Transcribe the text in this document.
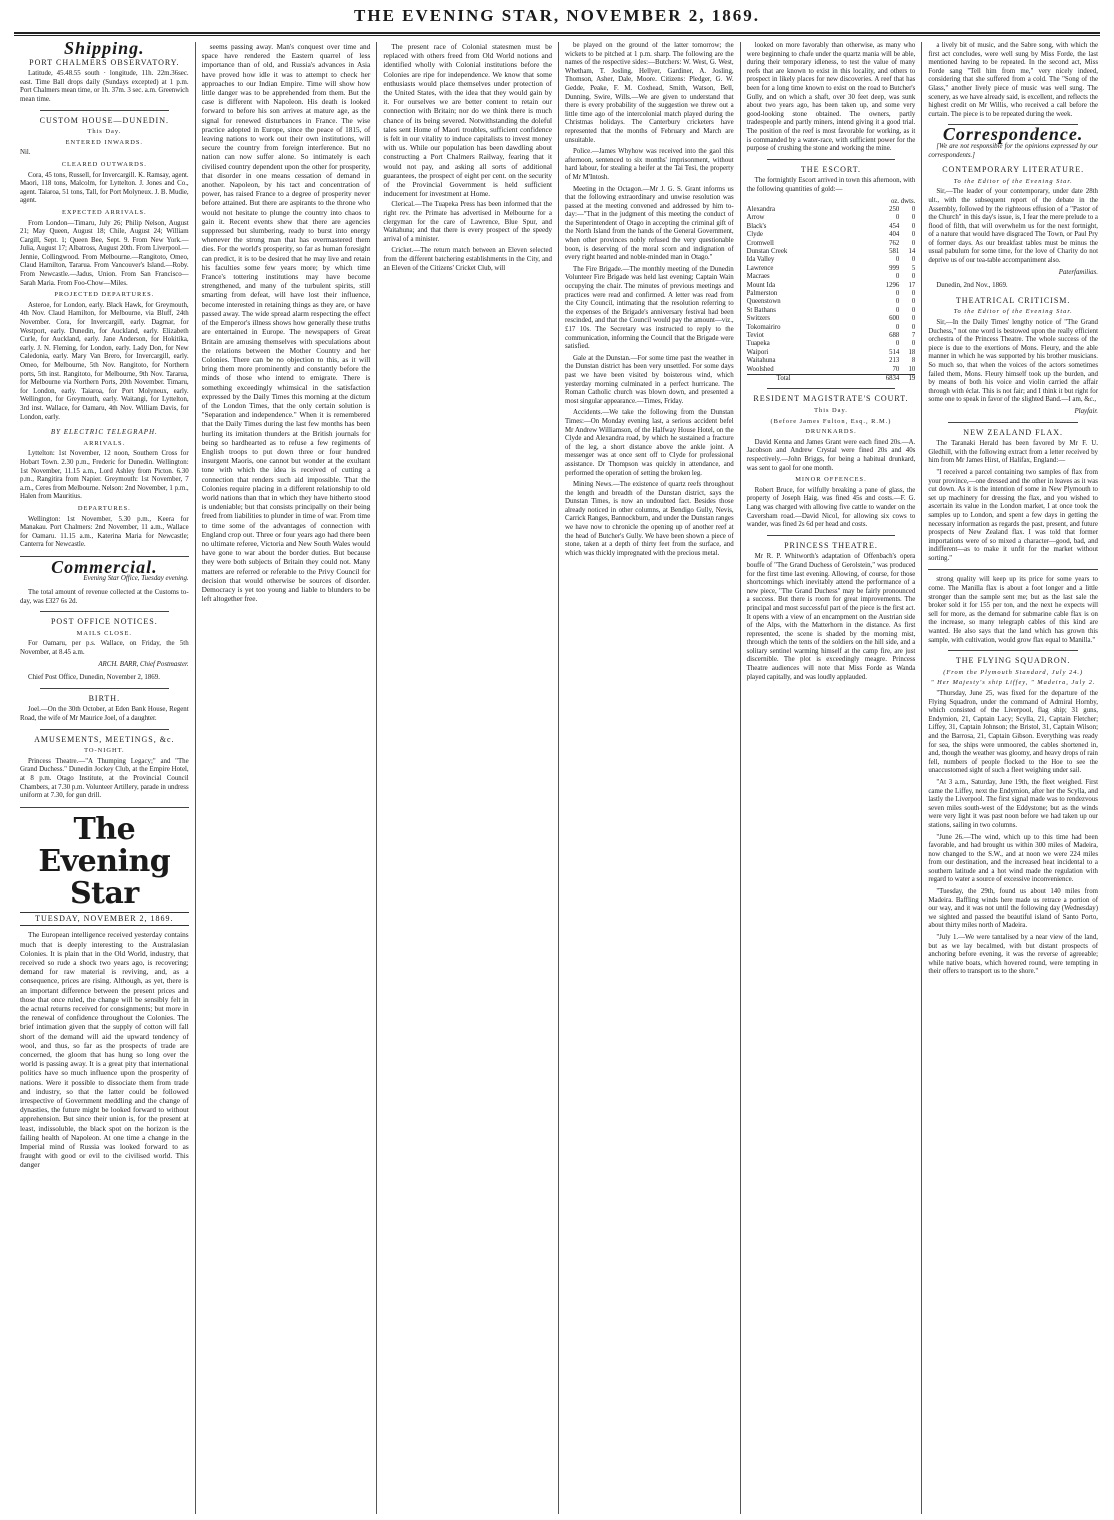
THE EVENING STAR, NOVEMBER 2, 1869.
Shipping.
PORT CHALMERS OBSERVATORY.

Latitude, 45.48.55 south · longitude, 11h. 22m.36sec. east. Time Ball drops daily (Sundays excepted) at 1 p.m. Port Chalmers mean time, or 1h. 37m. 3 sec. a.m. Greenwich mean time.

CUSTOM HOUSE—DUNEDIN.
This Day.
ENTERED INWARDS.

Nil.

CLEARED OUTWARDS.

Cora, 45 tons, Russell, for Invercargill. K. Ramsay, agent. Maori, 118 tons, Malcolm, for Lyttelton. J. Jones and Co., agent. Taiaroa, 51 tons, Tall, for Port Molyneux. J. B. Mudie, agent.

EXPECTED ARRIVALS.

From London—Timaru, July 26; Philip Nelson, August 21; May Queen, August 18; Chile, August 24; William Cargill, Sept. 1; Queen Bee, Sept. 9. From New York.—Julia, August 17; Albatross, August 20th. From Liverpool.—Jennie, Collingwood. From Melbourne.—Rangitoto, Omeo, Claud Hamilton, Tararua. From Vancouver's Island.—Roby. From Newcastle.—Jadus, Union. From San Francisco—Sarah Maria. From Foo-Chow—Miles.

PROJECTED DEPARTURES.

Asteroe, for London, early. Black Hawk, for Greymouth, 4th Nov. Claud Hamilton, for Melbourne, via Bluff, 24th November. Cora, for Invercargill, early. Dagmar, for Westport, early. Dunedin, for Auckland, early. Elizabeth Curle, for Auckland, early. Jane Anderson, for Hokitika, early. J. N. Fleming, for London, early. Lady Don, for New Caledonia, early. Mary Van Brero, for Invercargill, early. Omeo, for Melbourne, 5th Nov. Rangitoto, for Northern ports, 5th inst. Rangitoto, for Melbourne, 9th Nov. Tararua, for Melbourne via Northern Ports, 20th November. Timaru, for London, early. Taiaroa, for Port Molyneux, early. Wellington, for Greymouth, early. Waitangi, for Lyttelton, 3rd inst. Wallace, for Oamaru, 4th Nov. William Davis, for London, early.

BY ELECTRIC TELEGRAPH.
ARRIVALS.

Lyttelton: 1st November, 12 noon, Southern Cross for Hobart Town. 2.30 p.m., Frederic for Dunedin. Wellington: 1st November, 11.15 a.m., Lord Ashley from Picton. 6.30 p.m., Rangitira from Napier. Greymouth: 1st November, 7 a.m., Ceres from Melbourne. Nelson: 2nd November, 1 p.m., Halen from Mauritius.

DEPARTURES.

Wellington: 1st November, 5.30 p.m., Keera for Manakau. Port Chalmers: 2nd November, 11 a.m., Wallace for Oamaru. 11.15 a.m., Katerina Maria for Newcastle; Canterra for Newcastle.

Commercial.
Evening Star Office, Tuesday evening.

The total amount of revenue collected at the Customs to-day, was £327 6s 2d.

POST OFFICE NOTICES.
MAILS CLOSE.

For Oamaru, per p.s. Wallace, on Friday, the 5th November, at 8.45 a.m.

ARCH. BARR, Chief Postmaster.

Chief Post Office, Dunedin, November 2, 1869.

BIRTH.

Joel.—On the 30th October, at Eden Bank House, Regent Road, the wife of Mr Maurice Joel, of a daughter.

AMUSEMENTS, MEETINGS, &c.
TO-NIGHT.

Princess Theatre.—"A Thumping Legacy;" and "The Grand Duchess." Dunedin Jockey Club, at the Empire Hotel, at 8 p.m. Otago Institute, at the Provincial Council Chambers, at 7.30 p.m. Volunteer Artillery, parade in undress uniform at 7.30, for gun drill.

The Evening Star
TUESDAY, NOVEMBER 2, 1869.

The European intelligence received yesterday contains much that is deeply interesting to the Australasian Colonies. It is plain that in the Old World, industry, that received so rude a shock two years ago, is recovering; demand for raw material is reviving, and, as a consequence, prices are rising. Although, as yet, there is an important difference between the present prices and those that once ruled, the change will be sensibly felt in the actual returns received for consignments; but more in the renewal of confidence throughout the Colonies. The brief intimation given that the supply of cotton will fall short of the demand will aid the upward tendency of wool, and thus, so far as the prospects of trade are concerned, the gloom that has hung so long over the world is passing away. It is a great pity that international politics have so much influence upon the prosperity of nations. Were it possible to dissociate them from trade and industry, so that the latter could be followed irrespective of Government meddling and the change of dynasties, the future might be looked forward to without apprehension. But since their union is, for the present at least, indissoluble, the black spot on the horizon is the failing health of Napoleon. At one time a change in the Imperial mind of Russia was looked forward to as fraught with good or evil to the civilised world. This danger

seems passing away. Man's conquest over time and space have rendered the Eastern quarrel of less importance than of old, and Russia's advances in Asia have proved how idle it was to attempt to check her approaches to our Indian Empire. Time will show how little danger was to be apprehended from them. But the case is different with Napoleon. His death is looked forward to before his son arrives at mature age, as the signal for renewed disturbances in France. The wise practice adopted in Europe, since the peace of 1815, of leaving nations to work out their own institutions, will secure the country from foreign interference. But no nation can now suffer alone. So intimately is each civilised country dependent upon the other for prosperity, that disorder in one means cessation of demand in another. Napoleon, by his tact and concentration of power, has raised France to a degree of prosperity never before attained. But there are aspirants to the throne who would not hesitate to plunge the country into chaos to gain it. Recent events shew that there are agencies suppressed but slumbering, ready to burst into energy whenever the strong man that has overmastered them dies. For the world's prosperity, so far as human foresight can predict, it is to be desired that he may live and retain his faculties some few years more; by which time France's tottering institutions may have become strengthened, and many of the turbulent spirits, still smarting from defeat, will have lost their influence, become interested in retaining things as they are, or have passed away. The wide spread alarm respecting the effect of the Emperor's illness shows how generally these truths are entertained in Europe. The newspapers of Great Britain are amusing themselves with speculations about the relations between the Mother Country and her Colonies. There can be no objection to this, as it will bring them more prominently and constantly before the minds of those who intend to emigrate. There is something exceedingly whimsical in the satisfaction expressed by the Daily Times this morning at the dictum of the London Times, that the only certain solution is "Separation and independence." When it is remembered that the Daily Times during the last few months has been hurling its imitation thunders at the British journals for being so hardhearted as to refuse a few regiments of English troops to put down three or four hundred insurgent Maoris, one cannot but wonder at the exultant tone with which the idea is received of cutting a connection that renders such aid impossible. That the Colonies require placing in a different relationship to old world nations than that in which they have hitherto stood is undeniable; but that consists principally on their being freed from liabilities to plunder in time of war. From time to time some of the advantages of connection with England crop out. Three or four years ago had there been no ultimate referee, Victoria and New South Wales would have gone to war about the border duties. But because they were both subjects of Britain they could not. Many matters are referred or referable to the Privy Council for decision that would otherwise be sources of disorder. Democracy is yet too young and liable to blunders to be left altogether free.

The present race of Colonial statesmen must be replaced with others freed from Old World notions and identified wholly with Colonial institutions before the Colonies are ripe for independence. We know that some enthusiasts would place themselves under protection of the United States, with the idea that they would gain by it. For ourselves we are better content to retain our connection with Britain; nor do we think there is much chance of its being severed. Notwithstanding the doleful tales sent Home of Maori troubles, sufficient confidence is felt in our vitality to induce capitalists to invest money with us. While our population has been dawdling about constructing a Port Chalmers Railway, fearing that it would not pay, and asking all sorts of additional guarantees, the prospect of eight per cent. on the security of the Provincial Government is held sufficient inducement for investment at Home.

Clerical.—The Tuapeka Press has been informed that the right rev. the Primate has advertised in Melbourne for a clergyman for the care of Lawrence, Blue Spur, and Waitahuna; and that there is every prospect of the speedy arrival of a minister.

Cricket.—The return match between an Eleven selected from the different batchering establishments in the City, and an Eleven of the Citizens' Cricket Club, will

be played on the ground of the latter tomorrow; the wickets to be pitched at 1 p.m. sharp. The following are the names of the respective sides:—Butchers: W. West, G. West, Whetham, T. Josling, Hellyer, Gardiner, A. Josling, Thomson, Asher, Dale, Moore. Citizens: Pledger, G. W. Gedde, Peake, F. M. Coxhead, Smith, Watson, Bell, Dunning, Swire, Wills.—We are given to understand that there is every probability of the suggestion we threw out a little time ago of the intercolonial match played during the Christmas holidays. The Canterbury cricketers have represented that the months of February and March are unsuitable.

Police.—James Whyhow was received into the gaol this afternoon, sentenced to six months' imprisonment, without hard labour, for stealing a heifer at the Tai Tesi, the property of Mr M'Intosh.

Meeting in the Octagon.—Mr J. G. S. Grant informs us that the following extraordinary and unwise resolution was passed at the meeting convened and addressed by him to-day:—"That in the judgment of this meeting the conduct of the Superintendent of Otago in accepting the criminal gift of the North Island from the hands of the General Government, when other provinces nobly refused the very questionable boon, is deserving of the moral scorn and indignation of every right hearted and noble-minded man in Otago."

The Fire Brigade.—The monthly meeting of the Dunedin Volunteer Fire Brigade was held last evening; Captain Wain occupying the chair. The minutes of previous meetings and practices were read and confirmed. A letter was read from the City Council, intimating that the resolution referring to the expenses of the Brigade's anniversary festival had been rescinded, and that the Council would pay the amount—viz., £17 10s. The Secretary was instructed to reply to the communication, informing the Council that the Brigade were satisfied.

Gale at the Dunstan.—For some time past the weather in the Dunstan district has been very unsettled. For some days past we have been visited by boisterous wind, which yesterday morning culminated in a perfect hurricane. The Roman Catholic church was blown down, and presented a most singular appearance.—Times, Friday.

Accidents.—We take the following from the Dunstan Times:—On Monday evening last, a serious accident befel Mr Andrew Williamson, of the Halfway House Hotel, on the Clyde and Alexandra road, by which he sustained a fracture of the leg, a short distance above the ankle joint. A messenger was at once sent off to Clyde for professional assistance. Dr Thompson was quickly in attendance, and performed the operation of setting the broken leg.

Mining News.—The existence of quartz reefs throughout the length and breadth of the Dunstan district, says the Dunstan Times, is now an undoubted fact. Besides those already noticed in other columns, at Bendigo Gully, Nevis, Carrick Ranges, Bannockburn, and under the Dunstan ranges we have now to chronicle the opening up of another reef at the head of Butcher's Gully. We have been shown a piece of stone, taken at a depth of thirty feet from the surface, and which was thickly impregnated with the precious metal.

looked on more favorably than otherwise, as many who were beginning to chafe under the quartz mania will be able, during their temporary idleness, to test the value of many reefs that are known to exist in this locality, and others to prospect in likely places for new discoveries. A reef that has been for a long time known to exist on the road to Butcher's Gully, and on which a shaft, over 30 feet deep, was sunk about two years ago, has been taken up, and some very good-looking stone obtained. The owners, partly tradespeople and partly miners, intend giving it a good trial. The position of the reef is most favorable for working, as it is commanded by a water-race, with sufficient power for the purpose of crushing the stone and working the mine.

THE ESCORT.

The fortnightly Escort arrived in town this afternoon, with the following quantities of gold:—

	oz. dwts.	
Alexandra	250	0
Arrow	0	0
Black's	454	0
Clyde	404	0
Cromwell	762	0
Dunstan Creek	581	14
Ida Valley	0	0
Lawrence	999	5
Macraes	0	0
Mount Ida	1296	17
Palmerston	0	0
Queenstown	0	0
St Bathans	0	0
Switzers	600	0
Tokomairiro	0	0
Teviot	688	7
Tuapeka	0	0
Waipori	514	18
Waitahuna	213	8
Woolshed	70	10
Total	6834	19
RESIDENT MAGISTRATE'S COURT.
This Day.
(Before James Fulton, Esq., R.M.)
DRUNKARDS.

David Kenna and James Grant were each fined 20s.—A. Jacobson and Andrew Crystal were fined 20s and 40s respectively.—John Briggs, for being a habitual drunkard, was sent to gaol for one month.

MINOR OFFENCES.

Robert Bruce, for wilfully breaking a pane of glass, the property of Joseph Haig, was fined 45s and costs.—F. G. Lang was charged with allowing five cattle to wander on the Caversham road.—David Nicol, for allowing six cows to wander, was fined 2s 6d per head and costs.

PRINCESS THEATRE.

Mr R. P. Whitworth's adaptation of Offenbach's opera bouffe of "The Grand Duchess of Gerolstein," was produced for the first time last evening. Allowing, of course, for those shortcomings which inevitably attend the performance of a new piece, "The Grand Duchess" may be fairly pronounced a success. But there is room for great improvements. The principal and most successful part of the piece is the first act. It opens with a view of an encampment on the Austrian side of the Alps, with the Matterhorn in the distance. As first represented, the scene is shaded by the morning mist, through which the tents of the soldiers on the hill side, and a solitary sentinel warming himself at the camp fire, are just discernible. The plot is exceedingly meagre. Princess Theatre audiences will note that Miss Forde as Wanda played capitally, and was loudly applauded.

a lively bit of music, and the Sabre song, with which the first act concludes, were well sung by Miss Forde, the last mentioned having to be repeated. In the second act, Miss Forde sang "Tell him from me," very nicely indeed, considering that she suffered from a cold. The "Song of the Glass," another lively piece of music was well sung. The scenery, as we have already said, is excellent, and reflects the highest credit on Mr Willis, who received a call before the curtain. The piece is to be repeated during the week.

Correspondence.

[We are not responsible for the opinions expressed by our correspondents.]

CONTEMPORARY LITERATURE.
To the Editor of the Evening Star.

Sir,—The leader of your contemporary, under date 28th ult., with the subsequent report of the debate in the Assembly, followed by the righteous effusion of a "Pastor of the Church" in this day's issue, is, I fear the mere prelude to a flood of filth, that will overwhelm us for the next fortnight, of a nature that would have disgraced The Town, or Paul Pry of former days. As our breakfast tables must be minus the usual pabulum for some time, for the love of Charity do not deprive us of our tea-table accompaniment also.

Paterfamilias.

Dunedin, 2nd Nov., 1869.

THEATRICAL CRITICISM.
To the Editor of the Evening Star.

Sir,—In the Daily Times' lengthy notice of "The Grand Duchess," not one word is bestowed upon the really efficient orchestra of the Princess Theatre. The whole success of the piece is due to the exertions of Mons. Fleury, and the able manner in which he was supported by his brother musicians. So much so, that when the voices of the actors sometimes failed them, Mons. Fleury himself took up the burden, and by means of both his voice and violin carried the affair through with éclat. This is not fair; and I think it but right for some one to speak in favor of the slighted Band.—I am, &c.,

Playfair.
NEW ZEALAND FLAX.

The Taranaki Herald has been favored by Mr F. U. Gledhill, with the following extract from a letter received by him from Mr James Hirst, of Halifax, England:—

"I received a parcel containing two samples of flax from your province,—one dressed and the other in leaves as it was cut down. As it is the intention of some in New Plymouth to set up machinery for dressing the flax, and you wished to ascertain its value in the London market, I at once took the samples up to London, and spent a few days in getting the necessary information as regards the past, present, and future prospects of New Zealand flax. I was told that former importations were of so mixed a character—good, bad, and indifferent—as to make it unfit for the market without sorting."

strong quality will keep up its price for some years to come. The Manilla flax is about a foot longer and a little stronger than the sample sent me; but as the last sale the broker sold it for 155 per ton, and the next he expects will sell for more, as the demand for submarine cable flax is on the increase, so many telegraph cables of this kind are wanted. He also says that the land which has grown this sample, with cultivation, would grow flax equal to Manilla."

THE FLYING SQUADRON.
(From the Plymouth Standard, July 24.)
" Her Majesty's ship Liffey, " Madeira, July 2.

"Thursday, June 25, was fixed for the departure of the Flying Squadron, under the command of Admiral Hornby, which consisted of the Liverpool, flag ship; 31 guns, Endymion, 21, Captain Lacy; Scylla, 21, Captain Fletcher; Liffey, 31, Captain Johnson; the Bristol, 31, Captain Wilson; and the Barrosa, 21, Captain Gibson. Everything was ready for sea, the ships were unmoored, the cables shortened in, and, though the weather was gloomy, and heavy drops of rain fell, numbers of people flocked to the Hoe to see the unaccustomed sight of such a fleet weighing under sail.

"At 3 a.m., Saturday, June 19th, the fleet weighed. First came the Liffey, next the Endymion, after her the Scylla, and lastly the Liverpool. The first signal made was to rendezvous seven miles south-west of the Eddystone; but as the winds were very light it was past noon before we had taken up our stations, sailing in two columns.

"June 26.—The wind, which up to this time had been favorable, and had brought us within 300 miles of Madeira, now changed to the S.W., and at noon we were 224 miles from our destination, and the increased heat incidental to a southern latitude and a hot wind made the regulation with regard to water a source of excessive inconvenience.

"Tuesday, the 29th, found us about 140 miles from Madeira. Baffling winds here made us retrace a portion of our way, and it was not until the following day (Wednesday) we sighted and passed the beautiful island of Santo Porto, about thirty miles north of Madeira.

"July 1.—We were tantalised by a near view of the land, but as we lay becalmed, with but distant prospects of anchoring before evening, it was the reverse of agreeable; while native boats, which hovered round, were tempting in their offers to transport us to the shore."
